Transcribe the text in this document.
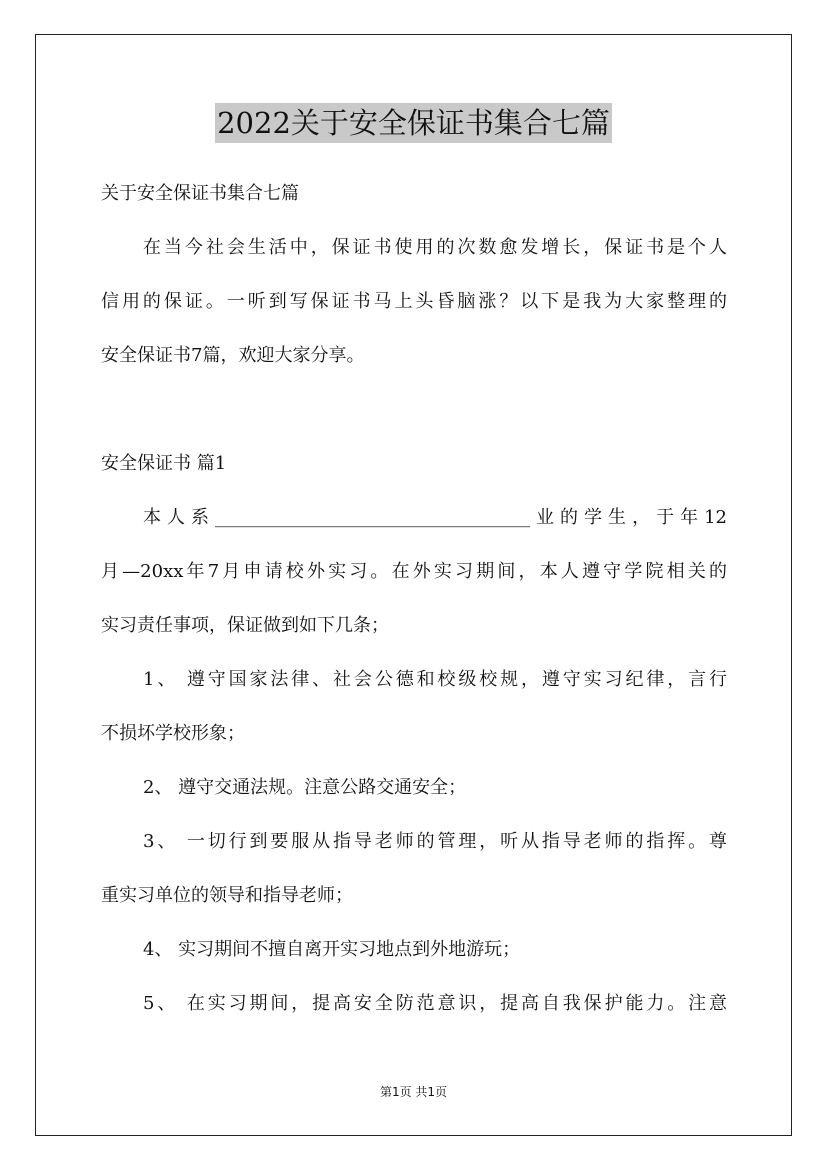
2022关于安全保证书集合七篇
关于安全保证书集合七篇
在当今社会生活中，保证书使用的次数愈发增长，保证书是个人
信用的保证。一听到写保证书马上头昏脑涨？以下是我为大家整理的
安全保证书7篇，欢迎大家分享。
安全保证书 篇1
本人系___________________________________业的学生，于年12
月—20xx年7月申请校外实习。在外实习期间，本人遵守学院相关的
实习责任事项，保证做到如下几条；
1、 遵守国家法律、社会公德和校级校规，遵守实习纪律，言行
不损坏学校形象；
2、 遵守交通法规。注意公路交通安全；
3、 一切行到要服从指导老师的管理，听从指导老师的指挥。尊
重实习单位的领导和指导老师；
4、 实习期间不擅自离开实习地点到外地游玩；
5、 在实习期间，提高安全防范意识，提高自我保护能力。注意
第1页 共1页
